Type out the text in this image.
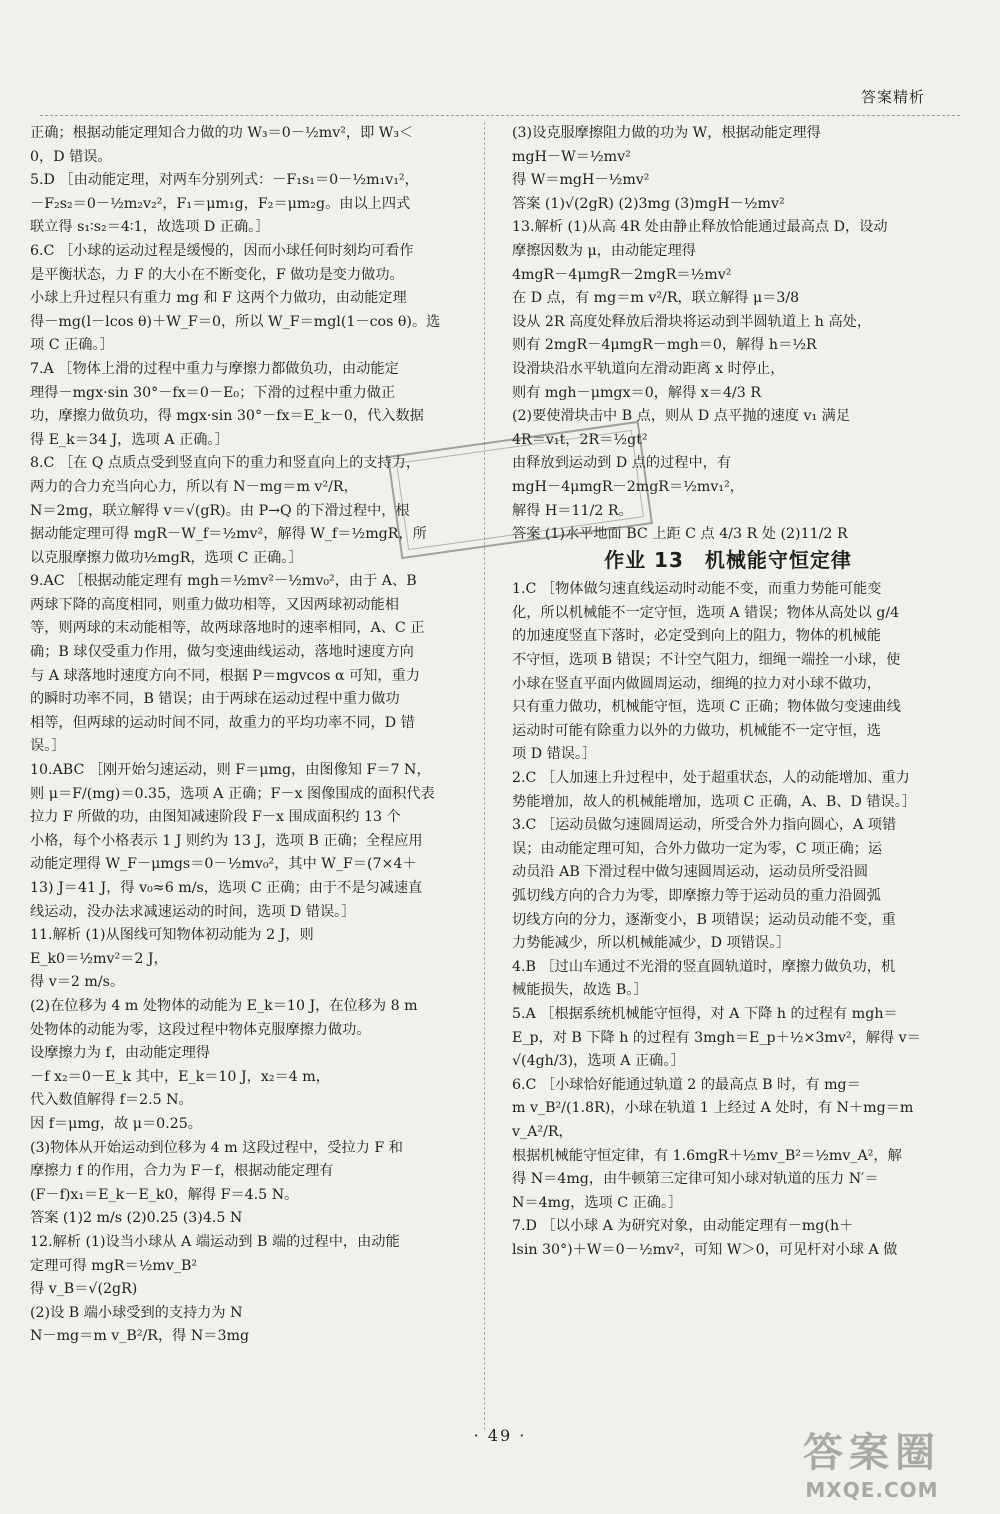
答案精析

正确；根据动能定理知合力做的功 W₃＝0－½mv²，即 W₃＜

0，D 错误。

5.D ［由动能定理，对两车分别列式：－F₁s₁＝0－½m₁v₁²，

－F₂s₂＝0－½m₂v₂²，F₁＝μm₁g，F₂＝μm₂g。由以上四式

联立得 s₁∶s₂＝4∶1，故选项 D 正确。］

6.C ［小球的运动过程是缓慢的，因而小球任何时刻均可看作

是平衡状态，力 F 的大小在不断变化，F 做功是变力做功。

小球上升过程只有重力 mg 和 F 这两个力做功，由动能定理

得－mg(l－lcos θ)＋W_F＝0，所以 W_F＝mgl(1－cos θ)。选

项 C 正确。］

7.A ［物体上滑的过程中重力与摩擦力都做负功，由动能定

理得－mgx·sin 30°－fx＝0－E₀；下滑的过程中重力做正

功，摩擦力做负功，得 mgx·sin 30°－fx＝E_k－0，代入数据

得 E_k＝34 J，选项 A 正确。］

8.C ［在 Q 点质点受到竖直向下的重力和竖直向上的支持力，

两力的合力充当向心力，所以有 N－mg＝m v²/R，

N＝2mg，联立解得 v＝√(gR)。由 P→Q 的下滑过程中，根

据动能定理可得 mgR－W_f＝½mv²，解得 W_f＝½mgR，所

以克服摩擦力做功½mgR，选项 C 正确。］

9.AC ［根据动能定理有 mgh＝½mv²－½mv₀²，由于 A、B

两球下降的高度相同，则重力做功相等，又因两球初动能相

等，则两球的末动能相等，故两球落地时的速率相同，A、C 正

确；B 球仅受重力作用，做匀变速曲线运动，落地时速度方向

与 A 球落地时速度方向不同，根据 P＝mgvcos α 可知，重力

的瞬时功率不同，B 错误；由于两球在运动过程中重力做功

相等，但两球的运动时间不同，故重力的平均功率不同，D 错

误。］

10.ABC ［刚开始匀速运动，则 F＝μmg，由图像知 F＝7 N，

则 μ＝F/(mg)＝0.35，选项 A 正确；F－x 图像围成的面积代表

拉力 F 所做的功，由图知减速阶段 F－x 围成面积约 13 个

小格，每个小格表示 1 J 则约为 13 J，选项 B 正确；全程应用

动能定理得 W_F－μmgs＝0－½mv₀²，其中 W_F＝(7×4＋

13) J＝41 J，得 v₀≈6 m/s，选项 C 正确；由于不是匀减速直

线运动，没办法求减速运动的时间，选项 D 错误。］

11.解析 (1)从图线可知物体初动能为 2 J，则

E_k0＝½mv²＝2 J，

得 v＝2 m/s。

(2)在位移为 4 m 处物体的动能为 E_k＝10 J，在位移为 8 m

处物体的动能为零，这段过程中物体克服摩擦力做功。

设摩擦力为 f，由动能定理得

－f x₂＝0－E_k 其中，E_k＝10 J，x₂＝4 m，

代入数值解得 f＝2.5 N。

因 f＝μmg，故 μ＝0.25。

(3)物体从开始运动到位移为 4 m 这段过程中，受拉力 F 和

摩擦力 f 的作用，合力为 F－f，根据动能定理有

(F－f)x₁＝E_k－E_k0，解得 F＝4.5 N。

答案 (1)2 m/s (2)0.25 (3)4.5 N

12.解析 (1)设当小球从 A 端运动到 B 端的过程中，由动能

定理可得 mgR＝½mv_B²

得 v_B＝√(2gR)

(2)设 B 端小球受到的支持力为 N

N－mg＝m v_B²/R，得 N＝3mg

(3)设克服摩擦阻力做的功为 W，根据动能定理得

mgH－W＝½mv²

得 W＝mgH－½mv²

答案 (1)√(2gR) (2)3mg (3)mgH－½mv²

13.解析 (1)从高 4R 处由静止释放恰能通过最高点 D，设动

摩擦因数为 μ，由动能定理得

4mgR－4μmgR－2mgR＝½mv²

在 D 点，有 mg＝m v²/R，联立解得 μ＝3/8

设从 2R 高度处释放后滑块将运动到半圆轨道上 h 高处，

则有 2mgR－4μmgR－mgh＝0，解得 h＝½R

设滑块沿水平轨道向左滑动距离 x 时停止，

则有 mgh－μmgx＝0，解得 x＝4/3 R

(2)要使滑块击中 B 点，则从 D 点平抛的速度 v₁ 满足

4R＝v₁t，2R＝½gt²

由释放到运动到 D 点的过程中，有

mgH－4μmgR－2mgR＝½mv₁²，

解得 H＝11/2 R。

答案 (1)水平地面 BC 上距 C 点 4/3 R 处 (2)11/2 R

作业 13　机械能守恒定律

1.C ［物体做匀速直线运动时动能不变，而重力势能可能变

化，所以机械能不一定守恒，选项 A 错误；物体从高处以 g/4

的加速度竖直下落时，必定受到向上的阻力，物体的机械能

不守恒，选项 B 错误；不计空气阻力，细绳一端拴一小球，使

小球在竖直平面内做圆周运动，细绳的拉力对小球不做功，

只有重力做功，机械能守恒，选项 C 正确；物体做匀变速曲线

运动时可能有除重力以外的力做功，机械能不一定守恒，选

项 D 错误。］

2.C ［人加速上升过程中，处于超重状态，人的动能增加、重力

势能增加，故人的机械能增加，选项 C 正确，A、B、D 错误。］

3.C ［运动员做匀速圆周运动，所受合外力指向圆心，A 项错

误；由动能定理可知，合外力做功一定为零，C 项正确；运

动员沿 AB 下滑过程中做匀速圆周运动，运动员所受沿圆

弧切线方向的合力为零，即摩擦力等于运动员的重力沿圆弧

切线方向的分力，逐渐变小，B 项错误；运动员动能不变，重

力势能减少，所以机械能减少，D 项错误。］

4.B ［过山车通过不光滑的竖直圆轨道时，摩擦力做负功，机

械能损失，故选 B。］

5.A ［根据系统机械能守恒得，对 A 下降 h 的过程有 mgh＝

E_p，对 B 下降 h 的过程有 3mgh＝E_p＋½×3mv²，解得 v＝

√(4gh/3)，选项 A 正确。］

6.C ［小球恰好能通过轨道 2 的最高点 B 时，有 mg＝

m v_B²/(1.8R)，小球在轨道 1 上经过 A 处时，有 N＋mg＝m v_A²/R，

根据机械能守恒定律，有 1.6mgR＋½mv_B²＝½mv_A²，解

得 N＝4mg，由牛顿第三定律可知小球对轨道的压力 N′＝

N＝4mg，选项 C 正确。］

7.D ［以小球 A 为研究对象，由动能定理有－mg(h＋

lsin 30°)＋W＝0－½mv²，可知 W＞0，可见杆对小球 A 做

· 49 ·	答案圈
MXQE.COM
